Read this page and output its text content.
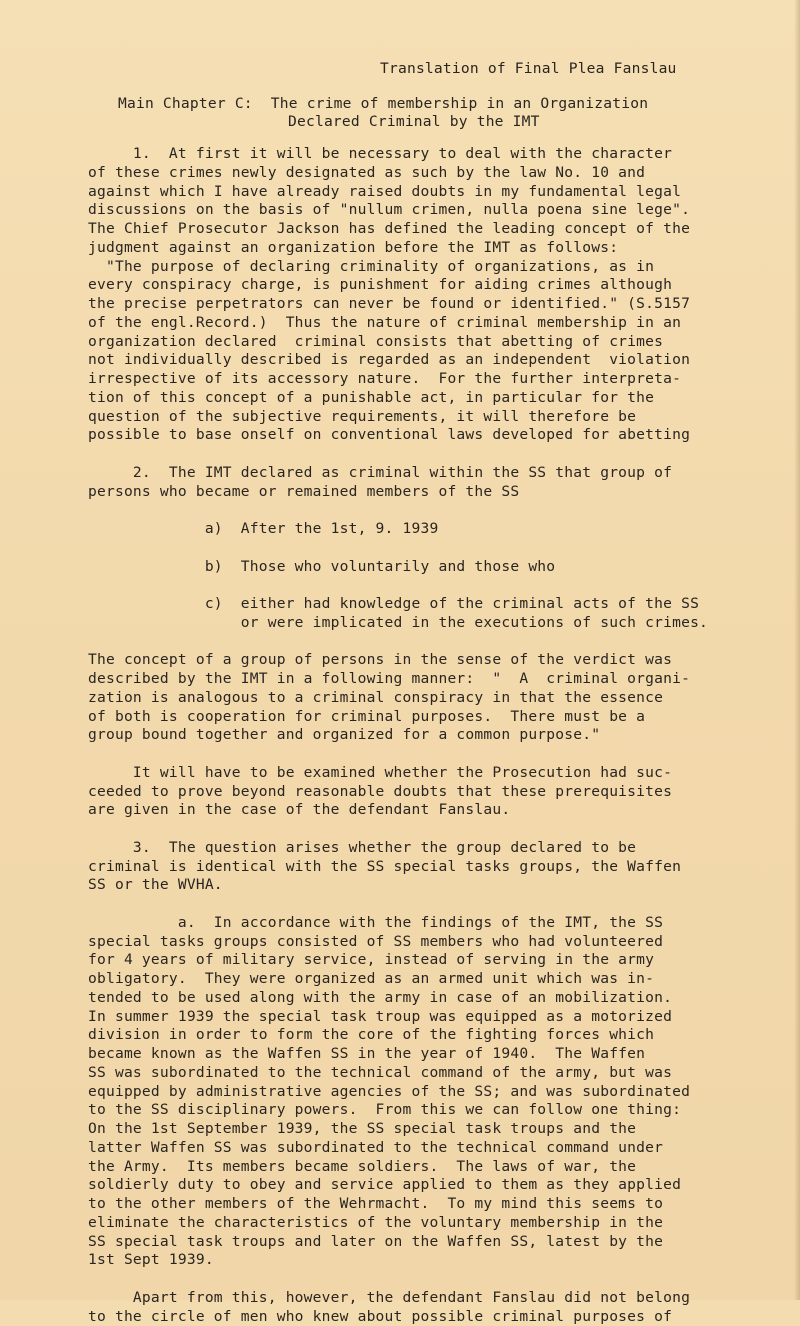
Translation of Final Plea Fanslau
Main Chapter C: The crime of membership in an Organization
Declared Criminal by the IMT
1.  At first it will be necessary to deal with the character
of these crimes newly designated as such by the law No. 10 and
against which I have already raised doubts in my fundamental legal
discussions on the basis of "nullum crimen, nulla poena sine lege".
The Chief Prosecutor Jackson has defined the leading concept of the
judgment against an organization before the IMT as follows:
"The purpose of declaring criminality of organizations, as in
every conspiracy charge, is punishment for aiding crimes although
the precise perpetrators can never be found or identified." (S.5157
of the engl.Record.)  Thus the nature of criminal membership in an
organization declared  criminal consists that abetting of crimes
not individually described is regarded as an independent  violation
irrespective of its accessory nature.  For the further interpreta-
tion of this concept of a punishable act, in particular for the
question of the subjective requirements, it will therefore be
possible to base onself on conventional laws developed for abetting
2.  The IMT declared as criminal within the SS that group of
persons who became or remained members of the SS
a)  After the 1st, 9. 1939
b)  Those who voluntarily and those who
c)  either had knowledge of the criminal acts of the SS
or were implicated in the executions of such crimes.
The concept of a group of persons in the sense of the verdict was
described by the IMT in a following manner:  "  A  criminal organi-
zation is analogous to a criminal conspiracy in that the essence
of both is cooperation for criminal purposes.  There must be a
group bound together and organized for a common purpose."
It will have to be examined whether the Prosecution had suc-
ceeded to prove beyond reasonable doubts that these prerequisites
are given in the case of the defendant Fanslau.
3.  The question arises whether the group declared to be
criminal is identical with the SS special tasks groups, the Waffen
SS or the WVHA.
a.  In accordance with the findings of the IMT, the SS
special tasks groups consisted of SS members who had volunteered
for 4 years of military service, instead of serving in the army
obligatory.  They were organized as an armed unit which was in-
tended to be used along with the army in case of an mobilization.
In summer 1939 the special task troup was equipped as a motorized
division in order to form the core of the fighting forces which
became known as the Waffen SS in the year of 1940.  The Waffen
SS was subordinated to the technical command of the army, but was
equipped by administrative agencies of the SS; and was subordinated
to the SS disciplinary powers.  From this we can follow one thing:
On the 1st September 1939, the SS special task troups and the
latter Waffen SS was subordinated to the technical command under
the Army.  Its members became soldiers.  The laws of war, the
soldierly duty to obey and service applied to them as they applied
to the other members of the Wehrmacht.  To my mind this seems to
eliminate the characteristics of the voluntary membership in the
SS special task troups and later on the Waffen SS, latest by the
1st Sept 1939.
Apart from this, however, the defendant Fanslau did not belong
to the circle of men who knew about possible criminal purposes of
